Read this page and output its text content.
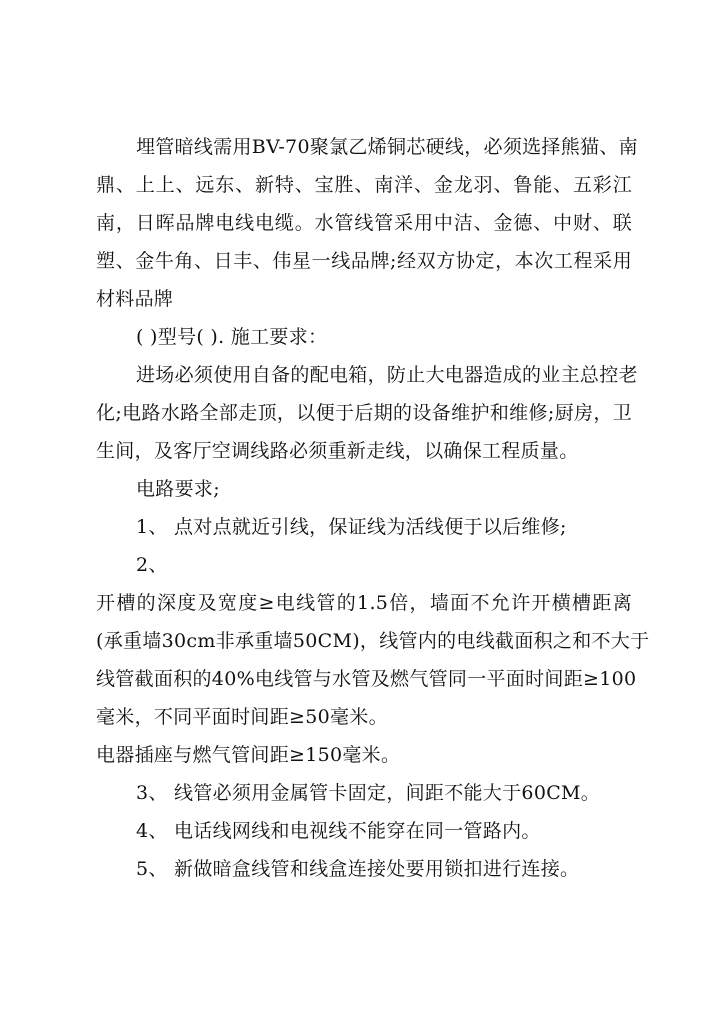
埋管暗线需用BV-70聚氯乙烯铜芯硬线，必须选择熊猫、南
鼎、上上、远东、新特、宝胜、南洋、金龙羽、鲁能、五彩江
南，日晖品牌电线电缆。水管线管采用中洁、金德、中财、联
塑、金牛角、日丰、伟星一线品牌;经双方协定，本次工程采用
材料品牌
( )型号( ). 施工要求：
进场必须使用自备的配电箱，防止大电器造成的业主总控老
化;电路水路全部走顶，以便于后期的设备维护和维修;厨房，卫
生间，及客厅空调线路必须重新走线，以确保工程质量。
电路要求;
1、 点对点就近引线，保证线为活线便于以后维修;
2、
开槽的深度及宽度≥电线管的1.5倍，墙面不允许开横槽距离
(承重墙30cm非承重墙50CM)，线管内的电线截面积之和不大于
线管截面积的40%电线管与水管及燃气管同一平面时间距≥100
毫米，不同平面时间距≥50毫米。
电器插座与燃气管间距≥150毫米。
3、 线管必须用金属管卡固定，间距不能大于60CM。
4、 电话线网线和电视线不能穿在同一管路内。
5、 新做暗盒线管和线盒连接处要用锁扣进行连接。
